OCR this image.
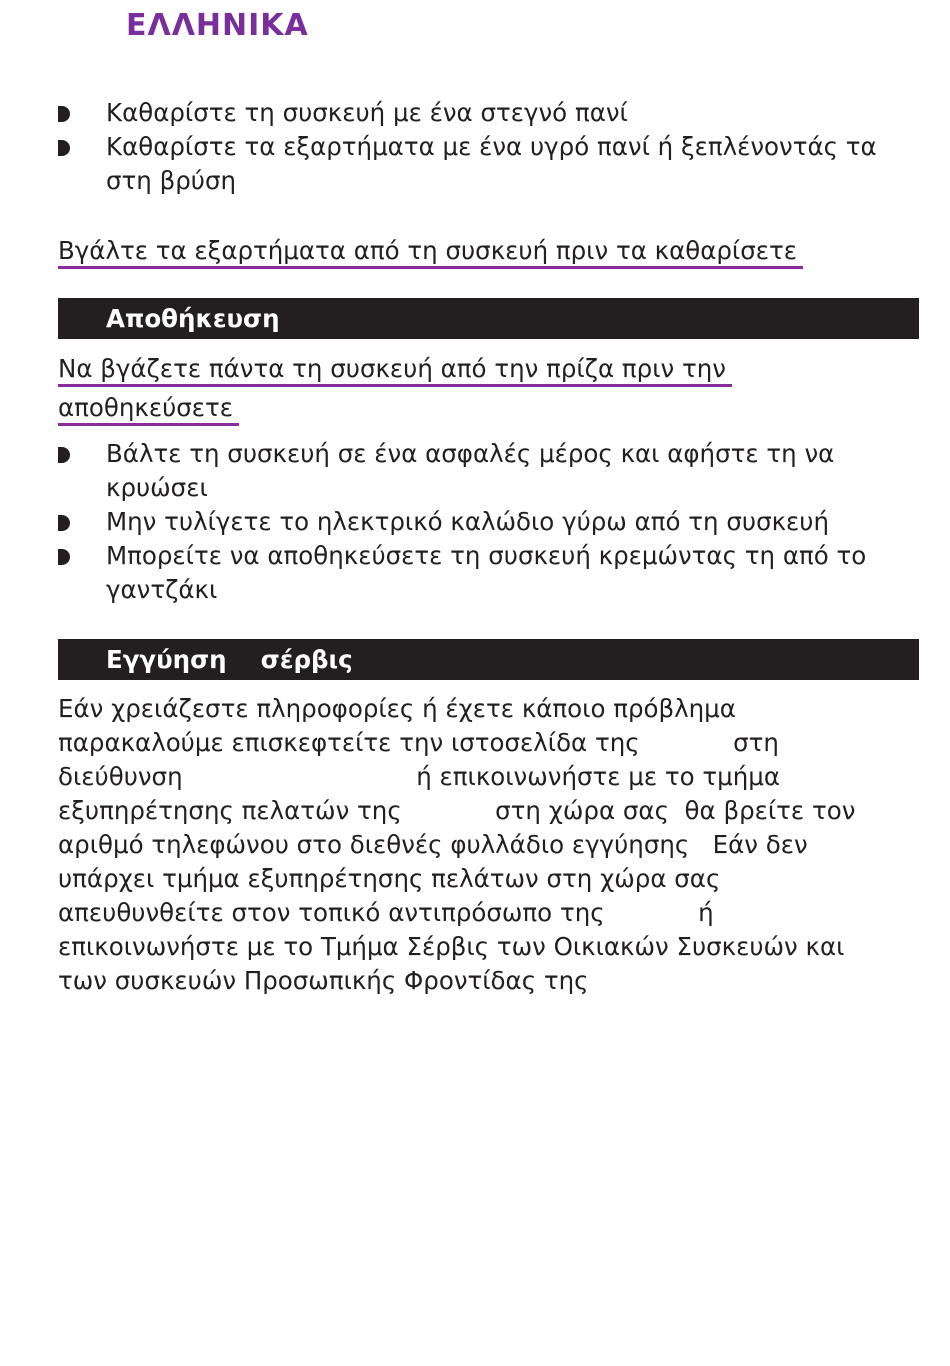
ΕΛΛΗΝΙΚΑ
Καθαρίστε τη συσκευή με ένα στεγνό πανί
Καθαρίστε τα εξαρτήματα με ένα υγρό πανί ή ξεπλένοντάς τα
στη βρύση
Βγάλτε τα εξαρτήματα από τη συσκευή πριν τα καθαρίσετε
Αποθήκευση
Να βγάζετε πάντα τη συσκευή από την πρίζα πριν την
αποθηκεύσετε
Βάλτε τη συσκευή σε ένα ασφαλές μέρος και αφήστε τη να
κρυώσει
Μην τυλίγετε το ηλεκτρικό καλώδιο γύρω από τη συσκευή
Μπορείτε να αποθηκεύσετε τη συσκευή κρεμώντας τη από το
γαντζάκι
Εγγύηση    σέρβις
Εάν χρειάζεστε πληροφορίες ή έχετε κάποιο πρόβλημα
παρακαλούμε επισκεφτείτε την ιστοσελίδα της            στη
διεύθυνση                              ή επικοινωνήστε με το τμήμα
εξυπηρέτησης πελατών της            στη χώρα σας  θα βρείτε τον
αριθμό τηλεφώνου στο διεθνές φυλλάδιο εγγύησης   Εάν δεν
υπάρχει τμήμα εξυπηρέτησης πελάτων στη χώρα σας
απευθυνθείτε στον τοπικό αντιπρόσωπο της            ή
επικοινωνήστε με το Τμήμα Σέρβις των Οικιακών Συσκευών και
των συσκευών Προσωπικής Φροντίδας της
